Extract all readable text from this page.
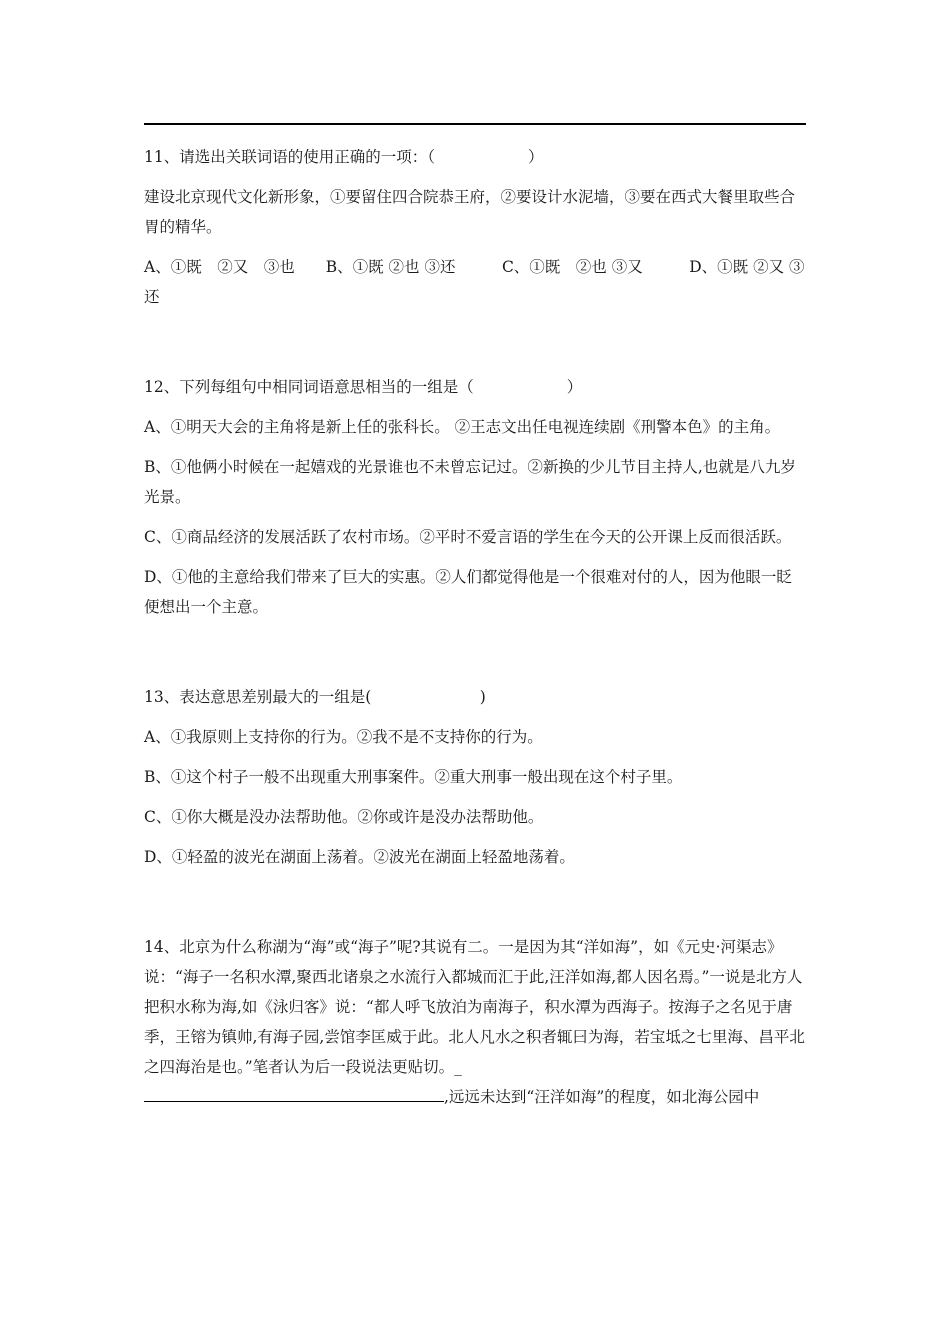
11、请选出关联词语的使用正确的一项：（　　　　　　）

建设北京现代文化新形象，①要留住四合院恭王府，②要设计水泥墙，③要在西式大餐里取些合胃的精华。

A、①既　②又　③也　　B、①既 ②也 ③还　　　C、①既　②也 ③又　　　D、①既 ②又 ③还

12、下列每组句中相同词语意思相当的一组是（　　　　　　）

A、①明天大会的主角将是新上任的张科长。 ②王志文出任电视连续剧《刑警本色》的主角。

B、①他俩小时候在一起嬉戏的光景谁也不未曾忘记过。②新换的少儿节目主持人,也就是八九岁光景。

C、①商品经济的发展活跃了农村市场。②平时不爱言语的学生在今天的公开课上反而很活跃。

D、①他的主意给我们带来了巨大的实惠。②人们都觉得他是一个很难对付的人，因为他眼一眨便想出一个主意。

13、表达意思差别最大的一组是(　　　　　　　)

A、①我原则上支持你的行为。②我不是不支持你的行为。

B、①这个村子一般不出现重大刑事案件。②重大刑事一般出现在这个村子里。

C、①你大概是没办法帮助他。②你或许是没办法帮助他。

D、①轻盈的波光在湖面上荡着。②波光在湖面上轻盈地荡着。

14、北京为什么称湖为“海”或“海子”呢?其说有二。一是因为其“洋如海”，如《元史·河渠志》说：“海子一名积水潭,聚西北诸泉之水流行入都城而汇于此,汪洋如海,都人因名焉。”一说是北方人把积水称为海,如《泳归客》说：“都人呼飞放泊为南海子，积水潭为西海子。按海子之名见于唐季，王镕为镇帅,有海子园,尝馆李匡威于此。北人凡水之积者辄曰为海，若宝坻之七里海、昌平北之四海治是也。”笔者认为后一段说法更贴切。_
,远远未达到“汪洋如海”的程度，如北海公园中
